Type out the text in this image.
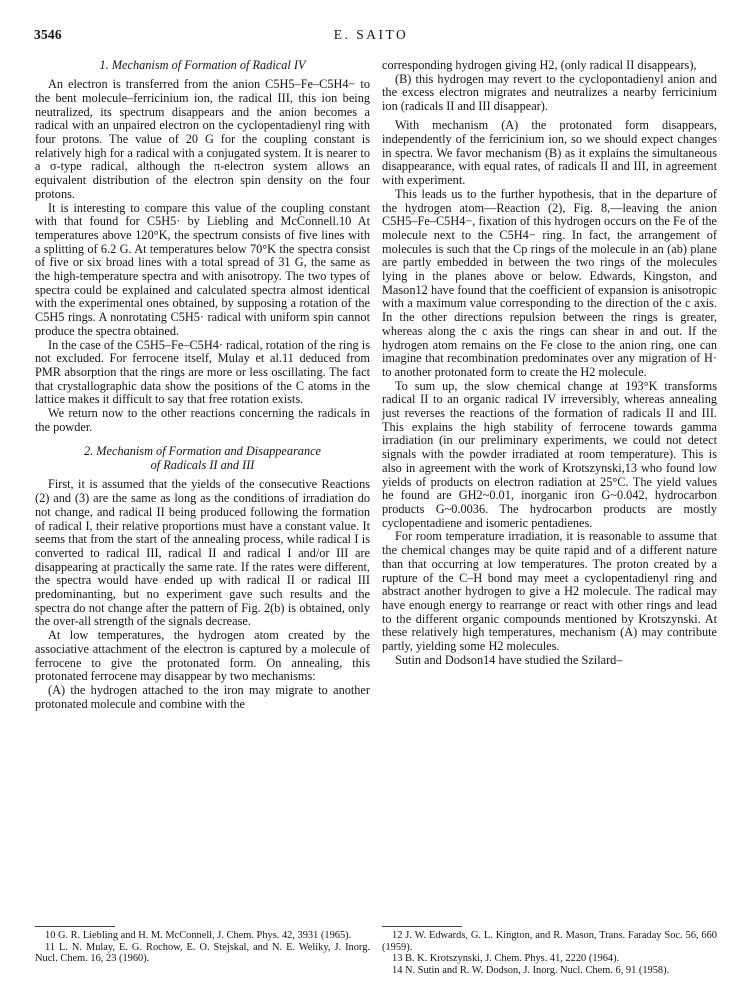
3546	E. SAITO

1. Mechanism of Formation of Radical IV

An electron is transferred from the anion C5H5–Fe–C5H4− to the bent molecule–ferricinium ion, the radical III, this ion being neutralized, its spectrum disappears and the anion becomes a radical with an unpaired electron on the cyclopentadienyl ring with four protons. The value of 20 G for the coupling constant is relatively high for a radical with a conjugated system. It is nearer to a σ-type radical, although the π-electron system allows an equivalent distribution of the electron spin density on the four protons.

It is interesting to compare this value of the coupling constant with that found for C5H5· by Liebling and McConnell.10 At temperatures above 120°K, the spectrum consists of five lines with a splitting of 6.2 G. At temperatures below 70°K the spectra consist of five or six broad lines with a total spread of 31 G, the same as the high-temperature spectra and with anisotropy. The two types of spectra could be explained and calculated spectra almost identical with the experimental ones obtained, by supposing a rotation of the C5H5 rings. A nonrotating C5H5· radical with uniform spin cannot produce the spectra obtained.

In the case of the C5H5–Fe–C5H4· radical, rotation of the ring is not excluded. For ferrocene itself, Mulay et al.11 deduced from PMR absorption that the rings are more or less oscillating. The fact that crystallographic data show the positions of the C atoms in the lattice makes it difficult to say that free rotation exists.

We return now to the other reactions concerning the radicals in the powder.

2. Mechanism of Formation and Disappearance
of Radicals II and III

First, it is assumed that the yields of the consecutive Reactions (2) and (3) are the same as long as the conditions of irradiation do not change, and radical II being produced following the formation of radical I, their relative proportions must have a constant value. It seems that from the start of the annealing process, while radical I is converted to radical III, radical II and radical I and/or III are disappearing at practically the same rate. If the rates were different, the spectra would have ended up with radical II or radical III predominanting, but no experiment gave such results and the spectra do not change after the pattern of Fig. 2(b) is obtained, only the over-all strength of the signals decrease.

At low temperatures, the hydrogen atom created by the associative attachment of the electron is captured by a molecule of ferrocene to give the protonated form. On annealing, this protonated ferrocene may disappear by two mechanisms:

(A) the hydrogen attached to the iron may migrate to another protonated molecule and combine with the

corresponding hydrogen giving H2, (only radical II disappears),

(B) this hydrogen may revert to the cyclopontadienyl anion and the excess electron migrates and neutralizes a nearby ferricinium ion (radicals II and III disappear).

With mechanism (A) the protonated form disappears, independently of the ferricinium ion, so we should expect changes in spectra. We favor mechanism (B) as it explains the simultaneous disappearance, with equal rates, of radicals II and III, in agreement with experiment.

This leads us to the further hypothesis, that in the departure of the hydrogen atom—Reaction (2), Fig. 8,—leaving the anion C5H5–Fe–C5H4−, fixation of this hydrogen occurs on the Fe of the molecule next to the C5H4− ring. In fact, the arrangement of molecules is such that the Cp rings of the molecule in an (ab) plane are partly embedded in between the two rings of the molecules lying in the planes above or below. Edwards, Kingston, and Mason12 have found that the coefficient of expansion is anisotropic with a maximum value corresponding to the direction of the c axis. In the other directions repulsion between the rings is greater, whereas along the c axis the rings can shear in and out. If the hydrogen atom remains on the Fe close to the anion ring, one can imagine that recombination predominates over any migration of H· to another protonated form to create the H2 molecule.

To sum up, the slow chemical change at 193°K transforms radical II to an organic radical IV irreversibly, whereas annealing just reverses the reactions of the formation of radicals II and III. This explains the high stability of ferrocene towards gamma irradiation (in our preliminary experiments, we could not detect signals with the powder irradiated at room temperature). This is also in agreement with the work of Krotszynski,13 who found low yields of products on electron radiation at 25°C. The yield values he found are GH2~0.01, inorganic iron G~0.042, hydrocarbon products G~0.0036. The hydrocarbon products are mostly cyclopentadiene and isomeric pentadienes.

For room temperature irradiation, it is reasonable to assume that the chemical changes may be quite rapid and of a different nature than that occurring at low temperatures. The proton created by a rupture of the C–H bond may meet a cyclopentadienyl ring and abstract another hydrogen to give a H2 molecule. The radical may have enough energy to rearrange or react with other rings and lead to the different organic compounds mentioned by Krotszynski. At these relatively high temperatures, mechanism (A) may contribute partly, yielding some H2 molecules.

Sutin and Dodson14 have studied the Szilard–

10 G. R. Liebling and H. M. McConnell, J. Chem. Phys. 42, 3931 (1965).

11 L. N. Mulay, E. G. Rochow, E. O. Stejskal, and N. E. Weliky, J. Inorg. Nucl. Chem. 16, 23 (1960).

12 J. W. Edwards, G. L. Kington, and R. Mason, Trans. Faraday Soc. 56, 660 (1959).

13 B. K. Krotszynski, J. Chem. Phys. 41, 2220 (1964).

14 N. Sutin and R. W. Dodson, J. Inorg. Nucl. Chem. 6, 91 (1958).
